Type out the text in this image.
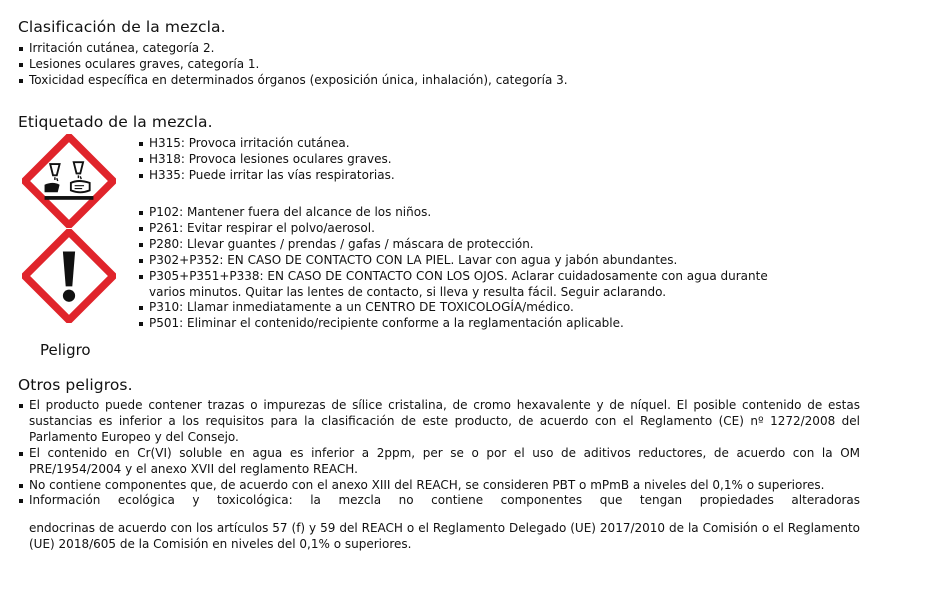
Clasificación de la mezcla.
Irritación cutánea, categoría 2.
Lesiones oculares graves, categoría 1.
Toxicidad específica en determinados órganos (exposición única, inhalación), categoría 3.
Etiquetado de la mezcla.
Peligro
H315: Provoca irritación cutánea.
H318: Provoca lesiones oculares graves.
H335: Puede irritar las vías respiratorias.
P102: Mantener fuera del alcance de los niños.
P261: Evitar respirar el polvo/aerosol.
P280: Llevar guantes / prendas / gafas / máscara de protección.
P302+P352: EN CASO DE CONTACTO CON LA PIEL. Lavar con agua y jabón abundantes.
P305+P351+P338: EN CASO DE CONTACTO CON LOS OJOS. Aclarar cuidadosamente con agua durante
varios minutos. Quitar las lentes de contacto, si lleva y resulta fácil. Seguir aclarando.
P310: Llamar inmediatamente a un CENTRO DE TOXICOLOGÍA/médico.
P501: Eliminar el contenido/recipiente conforme a la reglamentación aplicable.
Otros peligros.
El producto puede contener trazas o impurezas de sílice cristalina, de cromo hexavalente y de níquel. El posible contenido de estas sustancias es inferior a los requisitos para la clasificación de este producto, de acuerdo con el Reglamento (CE) nº 1272/2008 del Parlamento Europeo y del Consejo.
El contenido en Cr(VI) soluble en agua es inferior a 2ppm, per se o por el uso de aditivos reductores, de acuerdo con la OM PRE/1954/2004 y el anexo XVII del reglamento REACH.
No contiene componentes que, de acuerdo con el anexo XIII del REACH, se consideren PBT o mPmB a niveles del 0,1% o superiores.
Información ecológica y toxicológica: la mezcla no contiene componentes que tengan propiedades alteradoras
endocrinas de acuerdo con los artículos 57 (f) y 59 del REACH o el Reglamento Delegado (UE) 2017/2010 de la Comisión o el Reglamento (UE) 2018/605 de la Comisión en niveles del 0,1% o superiores.
